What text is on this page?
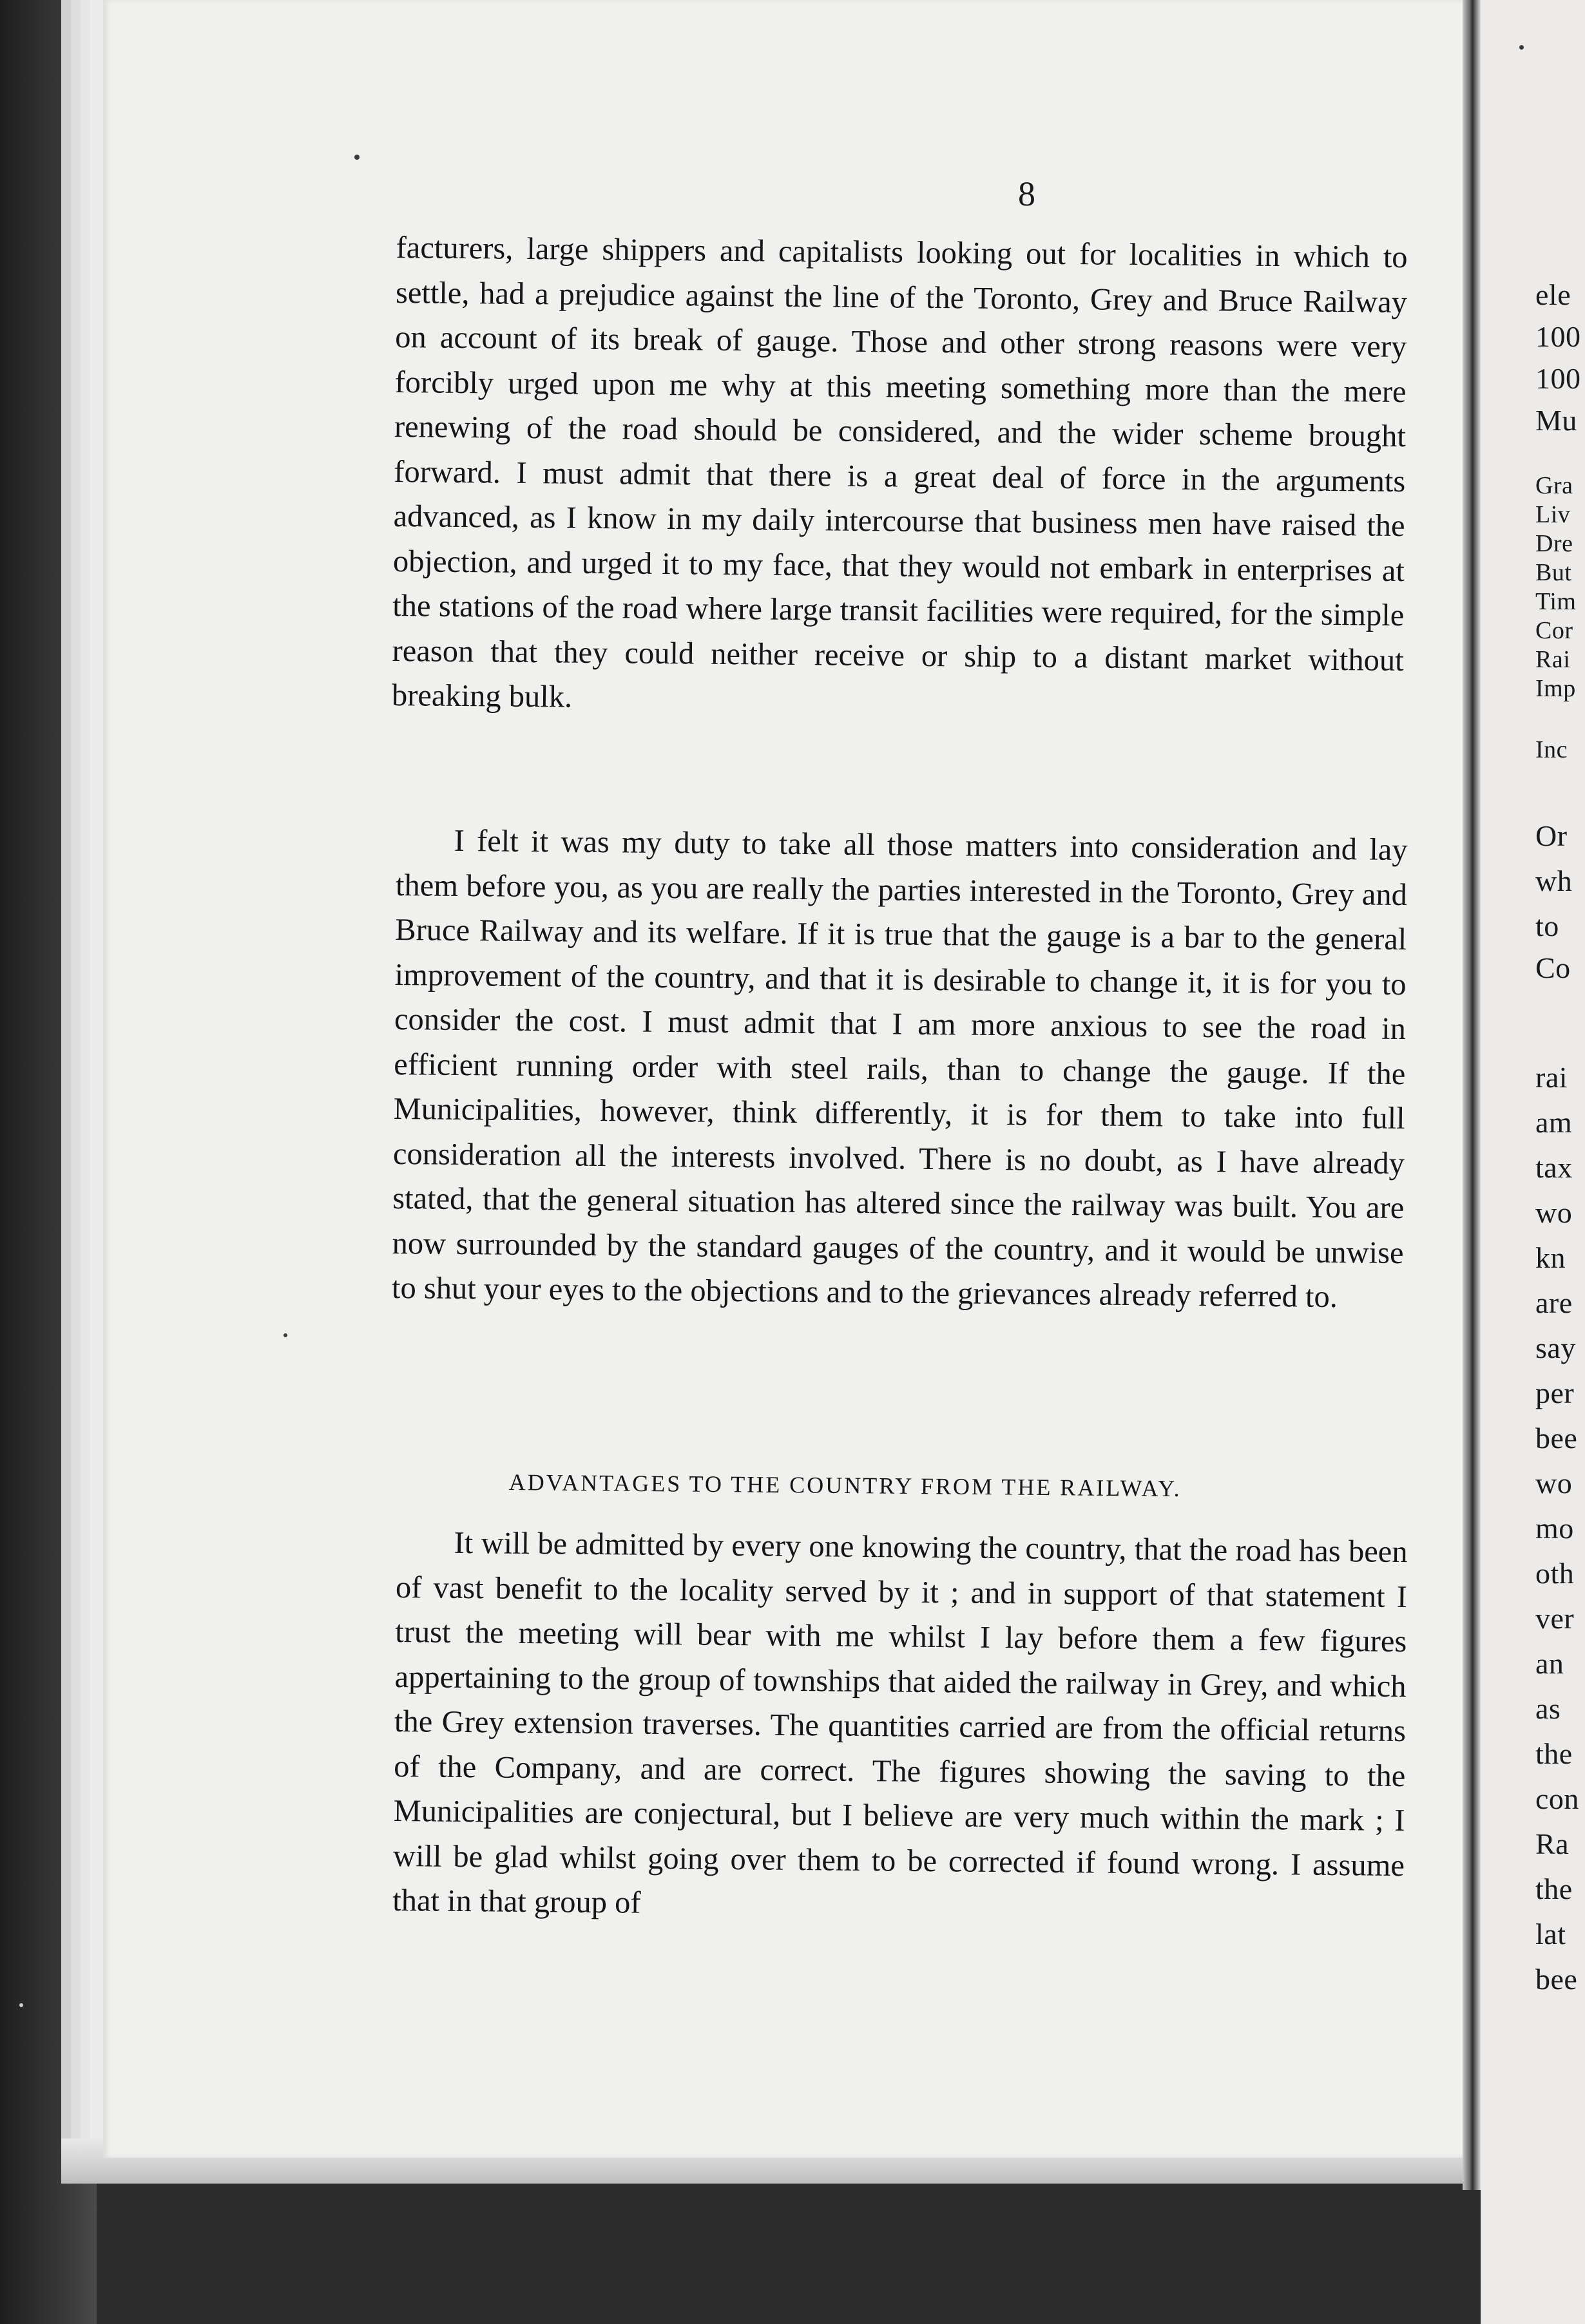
8

facturers, large shippers and capitalists looking out for localities in which to settle, had a prejudice against the line of the Toronto, Grey and Bruce Railway on account of its break of gauge. Those and other strong reasons were very forcibly urged upon me why at this meeting something more than the mere renewing of the road should be considered, and the wider scheme brought forward. I must admit that there is a great deal of force in the arguments advanced, as I know in my daily intercourse that business men have raised the objection, and urged it to my face, that they would not embark in enterprises at the stations of the road where large transit facilities were required, for the simple reason that they could neither receive or ship to a distant market without breaking bulk.

I felt it was my duty to take all those matters into consideration and lay them before you, as you are really the parties interested in the Toronto, Grey and Bruce Railway and its welfare. If it is true that the gauge is a bar to the general improvement of the country, and that it is desirable to change it, it is for you to consider the cost. I must admit that I am more anxious to see the road in efficient running order with steel rails, than to change the gauge. If the Municipalities, however, think differently, it is for them to take into full consideration all the interests involved. There is no doubt, as I have already stated, that the general situation has altered since the railway was built. You are now surrounded by the standard gauges of the country, and it would be unwise to shut your eyes to the objections and to the grievances already referred to.

ADVANTAGES TO THE COUNTRY FROM THE RAILWAY.

It will be admitted by every one knowing the country, that the road has been of vast benefit to the locality served by it ; and in support of that statement I trust the meeting will bear with me whilst I lay before them a few figures appertaining to the group of townships that aided the railway in Grey, and which the Grey extension traverses. The quantities carried are from the official returns of the Company, and are correct. The figures showing the saving to the Municipalities are conjectural, but I believe are very much within the mark ; I will be glad whilst going over them to be corrected if found wrong. I assume that in that group of

ele
100
100
Mu
Gra
Liv
Dre
But
Tim
Cor
Rai
Imp
Inc
Or
wh
to
Co
rai
am
tax
wo
kn
are
say
per
bee
wo
mo
oth
ver
an
as
the
con
Ra
the
lat
bee
